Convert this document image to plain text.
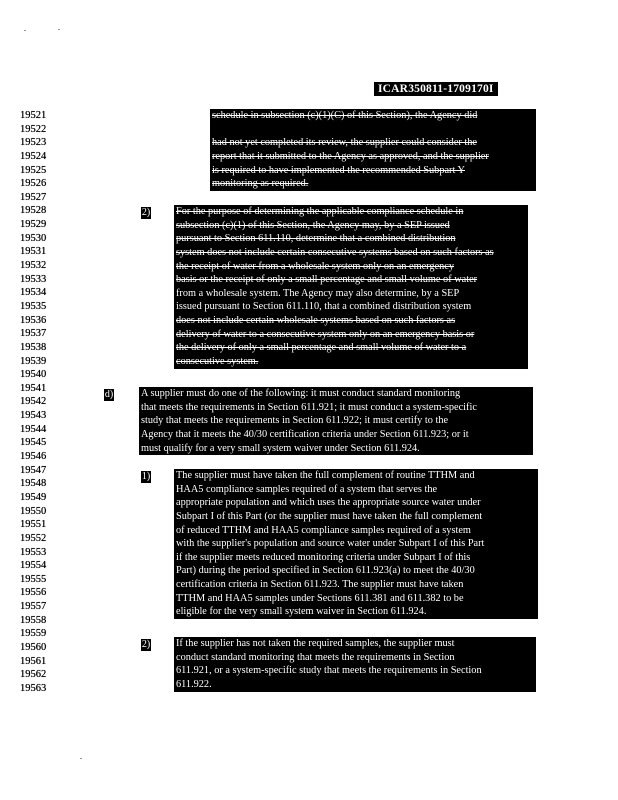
ICAR350811-1709170I
19521
19522
19523
19524
19525
19526
19527
19528
19529
19530
19531
19532
19533
19534
19535
19536
19537
19538
19539
19540
19541
19542
19543
19544
19545
19546
19547
19548
19549
19550
19551
19552
19553
19554
19555
19556
19557
19558
19559
19560
19561
19562
19563
schedule in subsection (c)(1)(C) of this Section), the Agency did

had not yet completed its review, the supplier could consider the
report that it submitted to the Agency as approved, and the supplier
is required to have implemented the recommended Subpart Y
monitoring as required.
2)	For the purpose of determining the applicable compliance schedule in
subsection (c)(1) of this Section, the Agency may, by a SEP issued
pursuant to Section 611.110, determine that a combined distribution
system does not include certain consecutive systems based on such factors as
the receipt of water from a wholesale system only on an emergency
basis or the receipt of only a small percentage and small volume of water
from a wholesale system. The Agency may also determine, by a SEP
issued pursuant to Section 611.110, that a combined distribution system
does not include certain wholesale systems based on such factors as
delivery of water to a consecutive system only on an emergency basis or
the delivery of only a small percentage and small volume of water to a
consecutive system.
d)	A supplier must do one of the following: it must conduct standard monitoring
that meets the requirements in Section 611.921; it must conduct a system-specific
study that meets the requirements in Section 611.922; it must certify to the
Agency that it meets the 40/30 certification criteria under Section 611.923; or it
must qualify for a very small system waiver under Section 611.924.
1)	The supplier must have taken the full complement of routine TTHM and
HAA5 compliance samples required of a system that serves the
appropriate population and which uses the appropriate source water under
Subpart I of this Part (or the supplier must have taken the full complement
of reduced TTHM and HAA5 compliance samples required of a system
with the supplier's population and source water under Subpart I of this Part
if the supplier meets reduced monitoring criteria under Subpart I of this
Part) during the period specified in Section 611.923(a) to meet the 40/30
certification criteria in Section 611.923. The supplier must have taken
TTHM and HAA5 samples under Sections 611.381 and 611.382 to be
eligible for the very small system waiver in Section 611.924.
2)	If the supplier has not taken the required samples, the supplier must
conduct standard monitoring that meets the requirements in Section
611.921, or a system-specific study that meets the requirements in Section
611.922.
